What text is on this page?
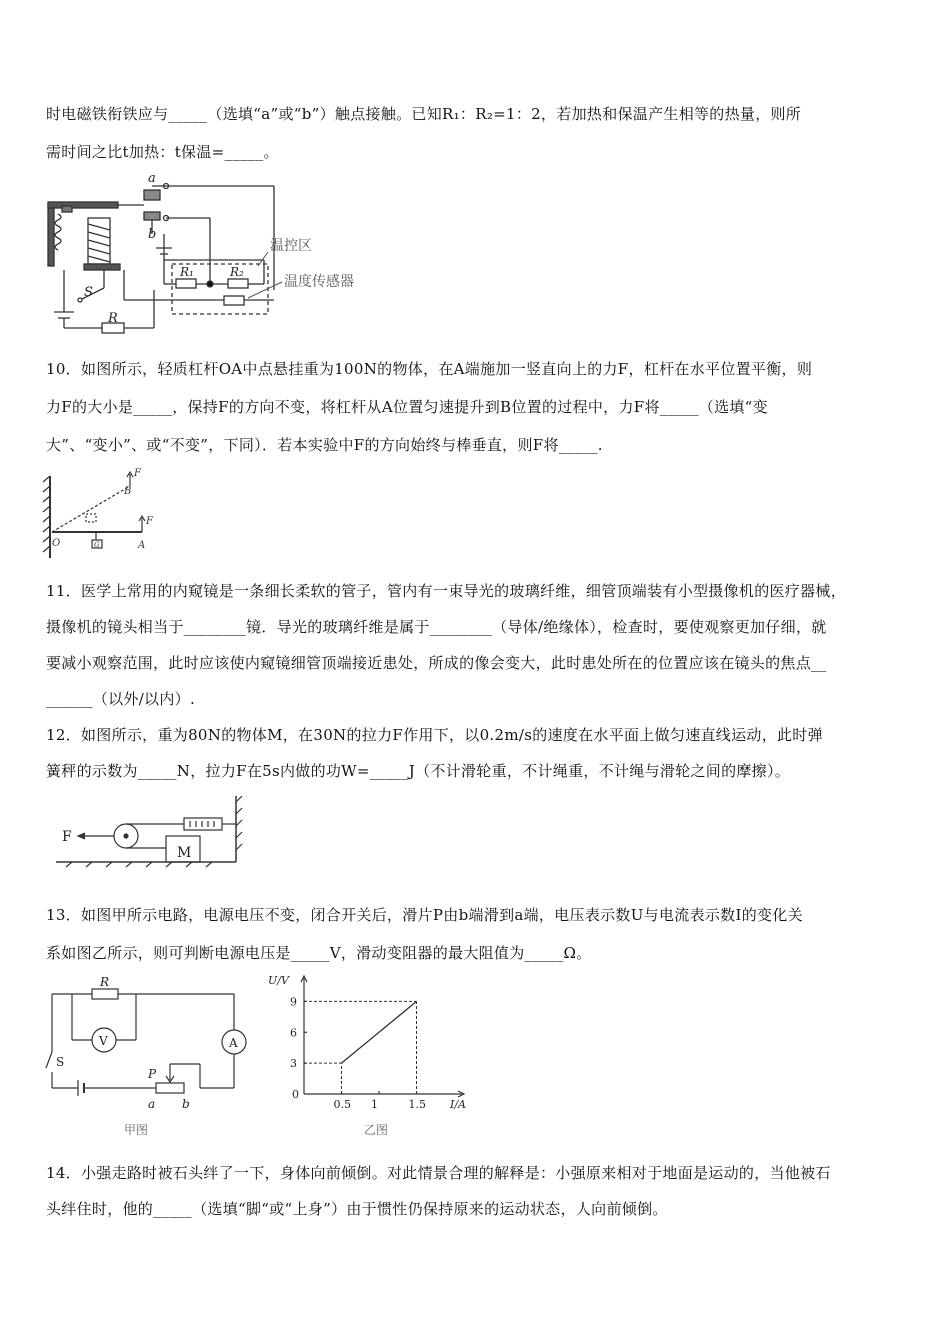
时电磁铁衔铁应与_____（选填“a”或“b”）触点接触。已知R₁：R₂=1：2，若加热和保温产生相等的热量，则所
需时间之比t加热：t保温=_____。
a
b
S
R
R₁	R₂
温控区
温度传感器
10．如图所示，轻质杠杆OA中点悬挂重为100N的物体，在A端施加一竖直向上的力F，杠杆在水平位置平衡，则
力F的大小是_____，保持F的方向不变，将杠杆从A位置匀速提升到B位置的过程中，力F将_____（选填“变
大”、“变小”、或“不变”，下同）．若本实验中F的方向始终与棒垂直，则F将_____.
O	A
B
F
F
G
11．医学上常用的内窥镜是一条细长柔软的管子，管内有一束导光的玻璃纤维，细管顶端装有小型摄像机的医疗器械，
摄像机的镜头相当于________镜．导光的玻璃纤维是属于________（导体/绝缘体），检查时，要使观察更加仔细，就
要减小观察范围，此时应该使内窥镜细管顶端接近患处，所成的像会变大，此时患处所在的位置应该在镜头的焦点__
______（以外/以内）.
12．如图所示，重为80N的物体M，在30N的拉力F作用下，以0.2m/s的速度在水平面上做匀速直线运动，此时弹
簧秤的示数为_____N，拉力F在5s内做的功W=_____J（不计滑轮重，不计绳重，不计绳与滑轮之间的摩擦）。
F
M
13．如图甲所示电路，电源电压不变，闭合开关后，滑片P由b端滑到a端，电压表示数U与电流表示数I的变化关
系如图乙所示，则可判断电源电压是_____V，滑动变阻器的最大阻值为_____Ω。
R
V	A
S
P
a b
甲图
0.5 1	1.5
3
6
9
0
I/A
U/V
乙图
14．小强走路时被石头绊了一下，身体向前倾倒。对此情景合理的解释是：小强原来相对于地面是运动的，当他被石
头绊住时，他的_____（选填“脚“或“上身”）由于惯性仍保持原来的运动状态，人向前倾倒。
